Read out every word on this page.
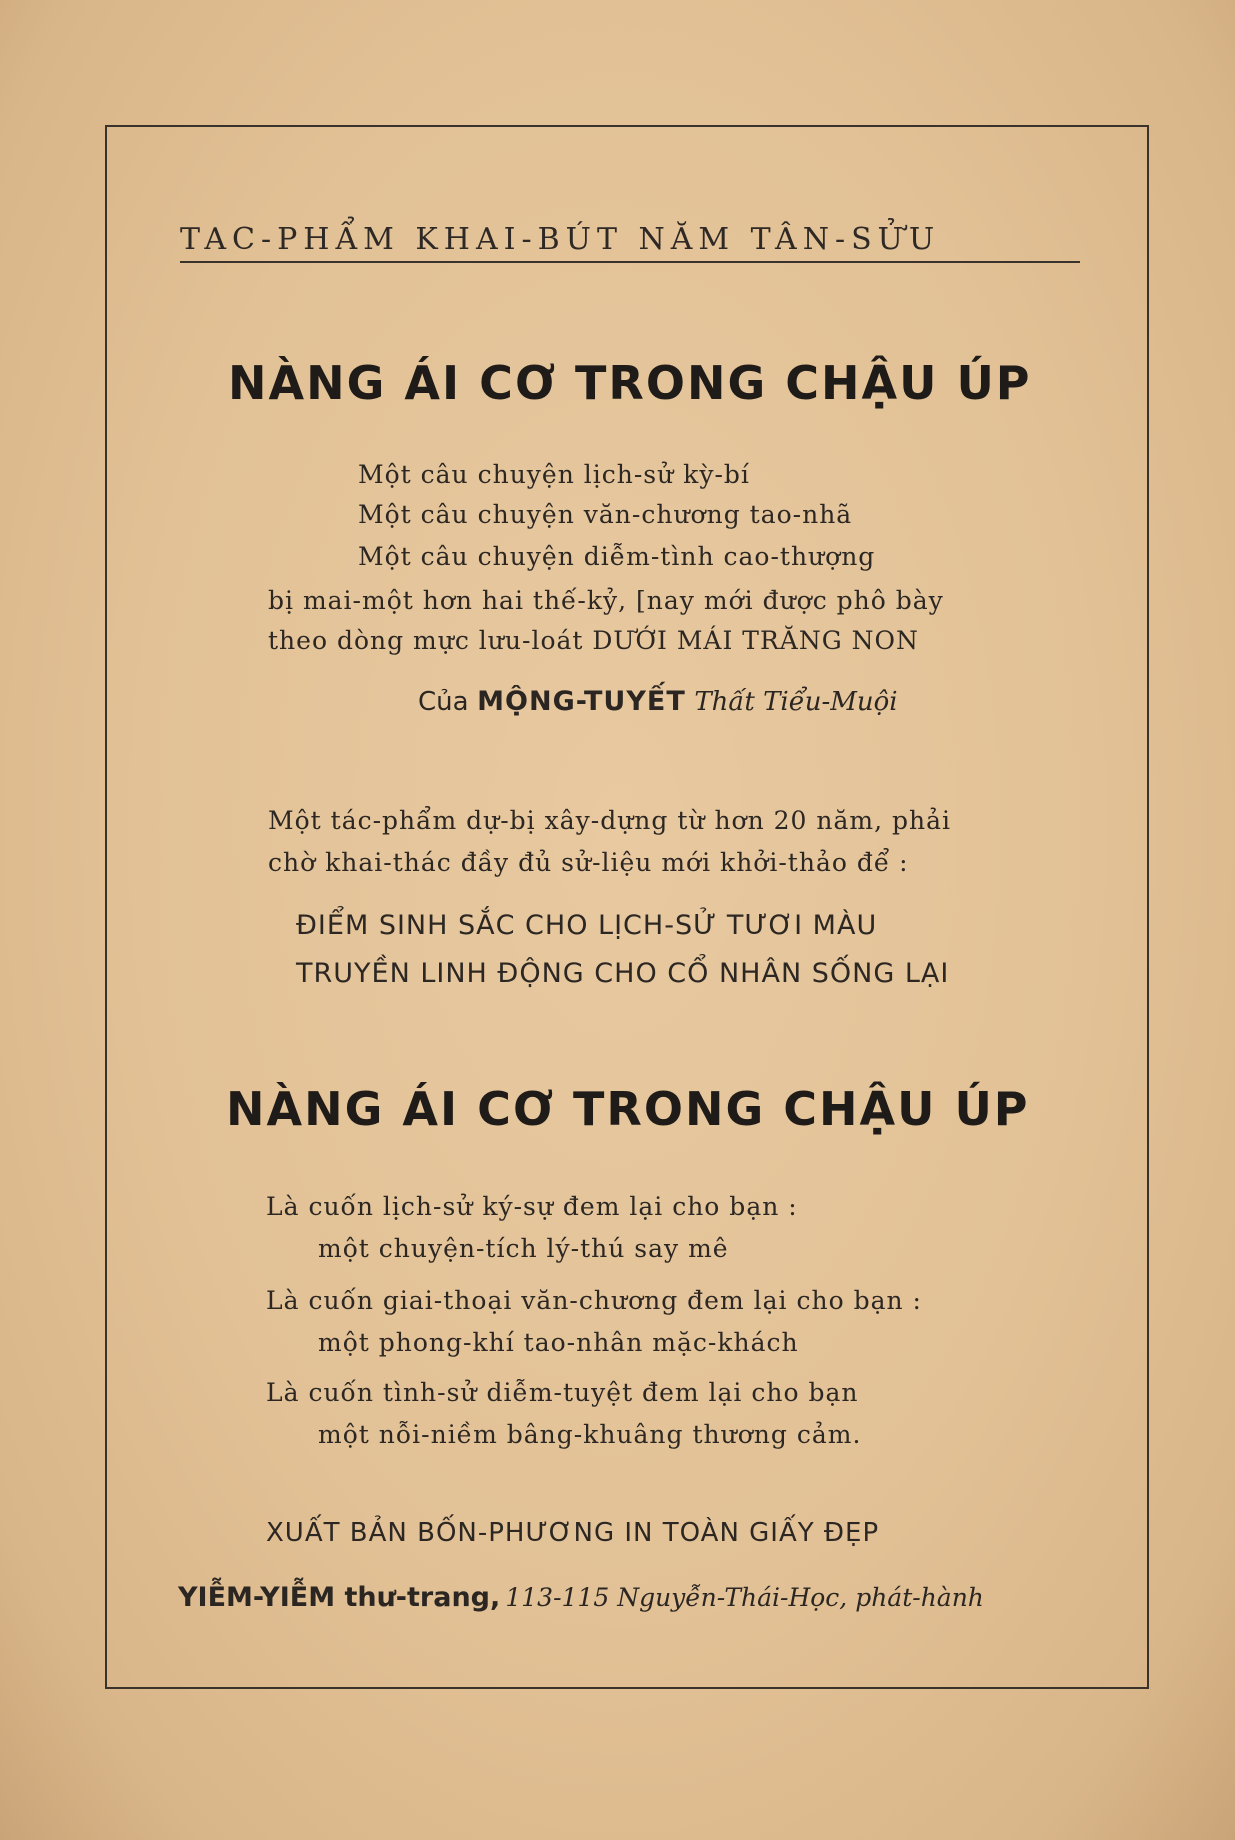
TAC-PHẨM KHAI-BÚT NĂM TÂN-SỬU
NÀNG ÁI CƠ TRONG CHẬU ÚP
Một câu chuyện lịch-sử kỳ-bí
Một câu chuyện văn-chương tao-nhã
Một câu chuyện diễm-tình cao-thượng
bị mai-một hơn hai thế-kỷ, [nay mới được phô bày
theo dòng mực lưu-loát DƯỚI MÁI TRĂNG NON
Của MỘNG-TUYẾT Thất Tiểu-Muội
Một tác-phẩm dự-bị xây-dựng từ hơn 20 năm, phải
chờ khai-thác đầy đủ sử-liệu mới khởi-thảo để :
ĐIỂM SINH SẮC CHO LỊCH-SỬ TƯƠI MÀU
TRUYỀN LINH ĐỘNG CHO CỔ NHÂN SỐNG LẠI
NÀNG ÁI CƠ TRONG CHẬU ÚP
Là cuốn lịch-sử ký-sự đem lại cho bạn :
một chuyện-tích lý-thú say mê
Là cuốn giai-thoại văn-chương đem lại cho bạn :
một phong-khí tao-nhân mặc-khách
Là cuốn tình-sử diễm-tuyệt đem lại cho bạn
một nỗi-niềm bâng-khuâng thương cảm.
XUẤT BẢN BỐN-PHƯƠNG IN TOÀN GIẤY ĐẸP
YIỄM-YIỄM thư-trang, 113-115 Nguyễn-Thái-Học, phát-hành
